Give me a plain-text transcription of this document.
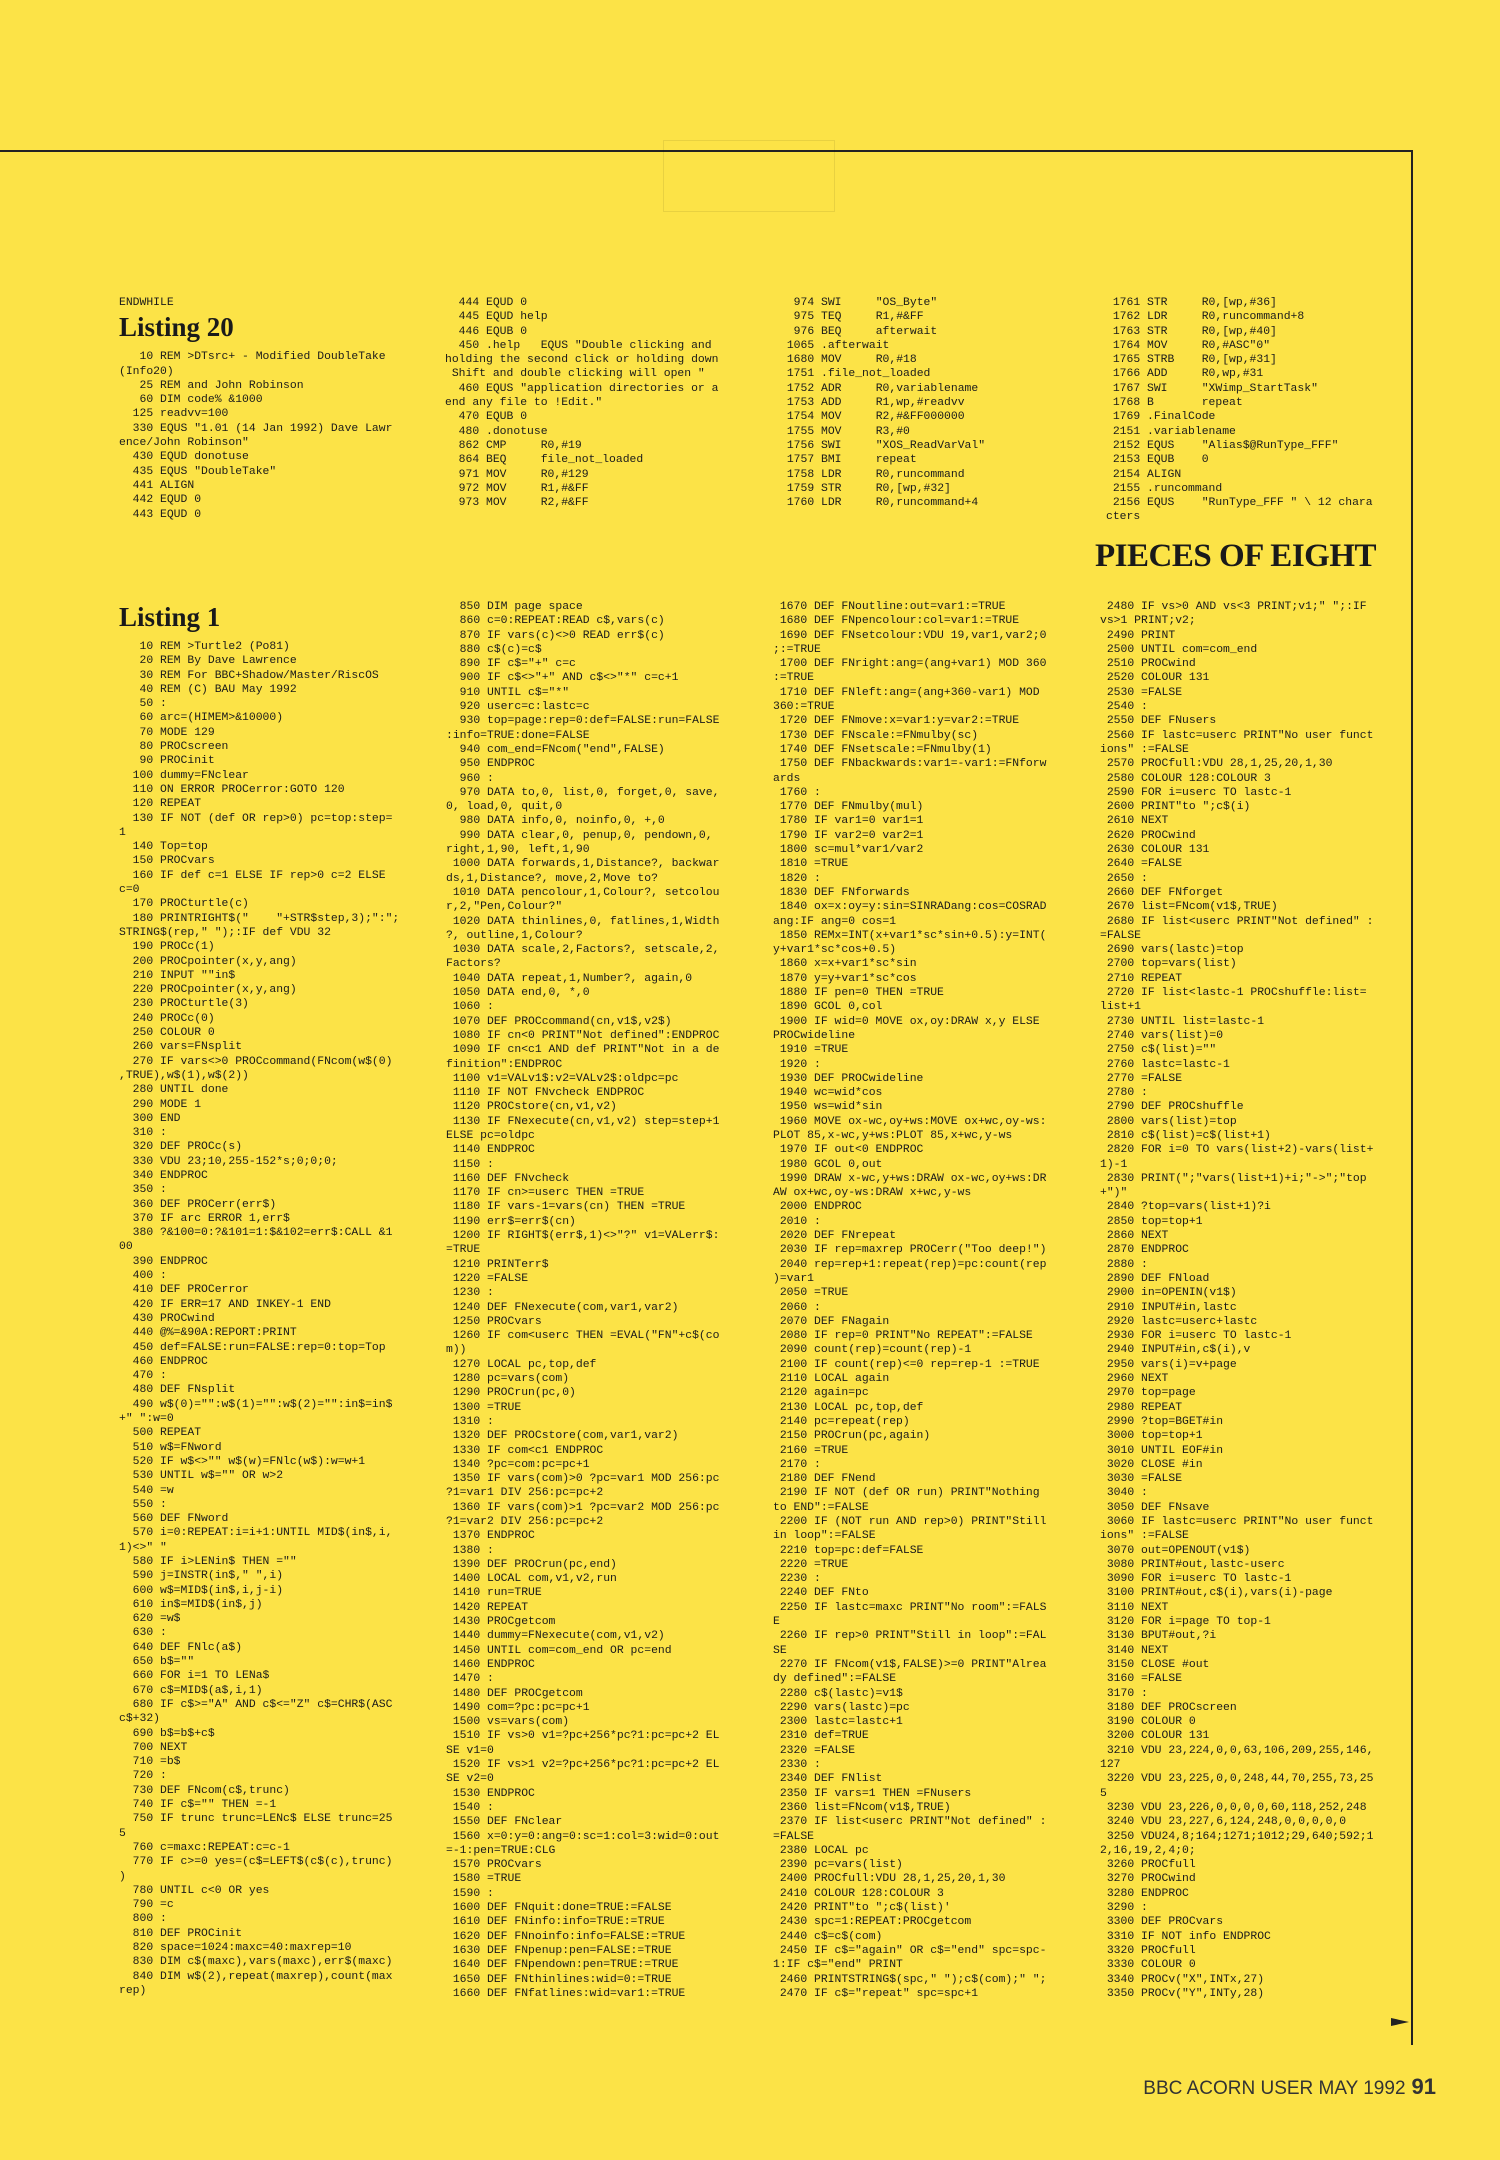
ENDWHILE
Listing 20
10 REM >DTsrc+ - Modified DoubleTake
(Info20)
25 REM and John Robinson
60 DIM code% &1000
125 readvv=100
330 EQUS "1.01 (14 Jan 1992) Dave Lawr
ence/John Robinson"
430 EQUD donotuse
435 EQUS "DoubleTake"
441 ALIGN
442 EQUD 0
443 EQUD 0
444 EQUD 0
445 EQUD help
446 EQUB 0
450 .help   EQUS "Double clicking and
holding the second click or holding down
Shift and double clicking will open "
460 EQUS "application directories or a
end any file to !Edit."
470 EQUB 0
480 .donotuse
862 CMP     R0,#19
864 BEQ     file_not_loaded
971 MOV     R0,#129
972 MOV     R1,#&FF
973 MOV     R2,#&FF
974 SWI     "OS_Byte"
975 TEQ     R1,#&FF
976 BEQ     afterwait
1065 .afterwait
1680 MOV     R0,#18
1751 .file_not_loaded
1752 ADR     R0,variablename
1753 ADD     R1,wp,#readvv
1754 MOV     R2,#&FF000000
1755 MOV     R3,#0
1756 SWI     "XOS_ReadVarVal"
1757 BMI     repeat
1758 LDR     R0,runcommand
1759 STR     R0,[wp,#32]
1760 LDR     R0,runcommand+4
1761 STR     R0,[wp,#36]
1762 LDR     R0,runcommand+8
1763 STR     R0,[wp,#40]
1764 MOV     R0,#ASC"0"
1765 STRB    R0,[wp,#31]
1766 ADD     R0,wp,#31
1767 SWI     "XWimp_StartTask"
1768 B       repeat
1769 .FinalCode
2151 .variablename
2152 EQUS    "Alias$@RunType_FFF"
2153 EQUB    0
2154 ALIGN
2155 .runcommand
2156 EQUS    "RunType_FFF " \ 12 chara
cters
PIECES OF EIGHT
Listing 1
10 REM >Turtle2 (Po81)
20 REM By Dave Lawrence
30 REM For BBC+Shadow/Master/RiscOS
40 REM (C) BAU May 1992
50 :
60 arc=(HIMEM>&10000)
70 MODE 129
80 PROCscreen
90 PROCinit
100 dummy=FNclear
110 ON ERROR PROCerror:GOTO 120
120 REPEAT
130 IF NOT (def OR rep>0) pc=top:step=
1
140 Top=top
150 PROCvars
160 IF def c=1 ELSE IF rep>0 c=2 ELSE
c=0
170 PROCturtle(c)
180 PRINTRIGHT$("    "+STR$step,3);":";
STRING$(rep," ");:IF def VDU 32
190 PROCc(1)
200 PROCpointer(x,y,ang)
210 INPUT ""in$
220 PROCpointer(x,y,ang)
230 PROCturtle(3)
240 PROCc(0)
250 COLOUR 0
260 vars=FNsplit
270 IF vars<>0 PROCcommand(FNcom(w$(0)
,TRUE),w$(1),w$(2))
280 UNTIL done
290 MODE 1
300 END
310 :
320 DEF PROCc(s)
330 VDU 23;10,255-152*s;0;0;0;
340 ENDPROC
350 :
360 DEF PROCerr(err$)
370 IF arc ERROR 1,err$
380 ?&100=0:?&101=1:$&102=err$:CALL &1
00
390 ENDPROC
400 :
410 DEF PROCerror
420 IF ERR=17 AND INKEY-1 END
430 PROCwind
440 @%=&90A:REPORT:PRINT
450 def=FALSE:run=FALSE:rep=0:top=Top
460 ENDPROC
470 :
480 DEF FNsplit
490 w$(0)="":w$(1)="":w$(2)="":in$=in$
+" ":w=0
500 REPEAT
510 w$=FNword
520 IF w$<>"" w$(w)=FNlc(w$):w=w+1
530 UNTIL w$="" OR w>2
540 =w
550 :
560 DEF FNword
570 i=0:REPEAT:i=i+1:UNTIL MID$(in$,i,
1)<>" "
580 IF i>LENin$ THEN =""
590 j=INSTR(in$," ",i)
600 w$=MID$(in$,i,j-i)
610 in$=MID$(in$,j)
620 =w$
630 :
640 DEF FNlc(a$)
650 b$=""
660 FOR i=1 TO LENa$
670 c$=MID$(a$,i,1)
680 IF c$>="A" AND c$<="Z" c$=CHR$(ASC
c$+32)
690 b$=b$+c$
700 NEXT
710 =b$
720 :
730 DEF FNcom(c$,trunc)
740 IF c$="" THEN =-1
750 IF trunc trunc=LENc$ ELSE trunc=25
5
760 c=maxc:REPEAT:c=c-1
770 IF c>=0 yes=(c$=LEFT$(c$(c),trunc)
)
780 UNTIL c<0 OR yes
790 =c
800 :
810 DEF PROCinit
820 space=1024:maxc=40:maxrep=10
830 DIM c$(maxc),vars(maxc),err$(maxc)
840 DIM w$(2),repeat(maxrep),count(max
rep)
850 DIM page space
860 c=0:REPEAT:READ c$,vars(c)
870 IF vars(c)<>0 READ err$(c)
880 c$(c)=c$
890 IF c$="+" c=c
900 IF c$<>"+" AND c$<>"*" c=c+1
910 UNTIL c$="*"
920 userc=c:lastc=c
930 top=page:rep=0:def=FALSE:run=FALSE
:info=TRUE:done=FALSE
940 com_end=FNcom("end",FALSE)
950 ENDPROC
960 :
970 DATA to,0, list,0, forget,0, save,
0, load,0, quit,0
980 DATA info,0, noinfo,0, +,0
990 DATA clear,0, penup,0, pendown,0,
right,1,90, left,1,90
1000 DATA forwards,1,Distance?, backwar
ds,1,Distance?, move,2,Move to?
1010 DATA pencolour,1,Colour?, setcolou
r,2,"Pen,Colour?"
1020 DATA thinlines,0, fatlines,1,Width
?, outline,1,Colour?
1030 DATA scale,2,Factors?, setscale,2,
Factors?
1040 DATA repeat,1,Number?, again,0
1050 DATA end,0, *,0
1060 :
1070 DEF PROCcommand(cn,v1$,v2$)
1080 IF cn<0 PRINT"Not defined":ENDPROC
1090 IF cn<c1 AND def PRINT"Not in a de
finition":ENDPROC
1100 v1=VALv1$:v2=VALv2$:oldpc=pc
1110 IF NOT FNvcheck ENDPROC
1120 PROCstore(cn,v1,v2)
1130 IF FNexecute(cn,v1,v2) step=step+1
ELSE pc=oldpc
1140 ENDPROC
1150 :
1160 DEF FNvcheck
1170 IF cn>=userc THEN =TRUE
1180 IF vars-1=vars(cn) THEN =TRUE
1190 err$=err$(cn)
1200 IF RIGHT$(err$,1)<>"?" v1=VALerr$:
=TRUE
1210 PRINTerr$
1220 =FALSE
1230 :
1240 DEF FNexecute(com,var1,var2)
1250 PROCvars
1260 IF com<userc THEN =EVAL("FN"+c$(co
m))
1270 LOCAL pc,top,def
1280 pc=vars(com)
1290 PROCrun(pc,0)
1300 =TRUE
1310 :
1320 DEF PROCstore(com,var1,var2)
1330 IF com<c1 ENDPROC
1340 ?pc=com:pc=pc+1
1350 IF vars(com)>0 ?pc=var1 MOD 256:pc
?1=var1 DIV 256:pc=pc+2
1360 IF vars(com)>1 ?pc=var2 MOD 256:pc
?1=var2 DIV 256:pc=pc+2
1370 ENDPROC
1380 :
1390 DEF PROCrun(pc,end)
1400 LOCAL com,v1,v2,run
1410 run=TRUE
1420 REPEAT
1430 PROCgetcom
1440 dummy=FNexecute(com,v1,v2)
1450 UNTIL com=com_end OR pc=end
1460 ENDPROC
1470 :
1480 DEF PROCgetcom
1490 com=?pc:pc=pc+1
1500 vs=vars(com)
1510 IF vs>0 v1=?pc+256*pc?1:pc=pc+2 EL
SE v1=0
1520 IF vs>1 v2=?pc+256*pc?1:pc=pc+2 EL
SE v2=0
1530 ENDPROC
1540 :
1550 DEF FNclear
1560 x=0:y=0:ang=0:sc=1:col=3:wid=0:out
=-1:pen=TRUE:CLG
1570 PROCvars
1580 =TRUE
1590 :
1600 DEF FNquit:done=TRUE:=FALSE
1610 DEF FNinfo:info=TRUE:=TRUE
1620 DEF FNnoinfo:info=FALSE:=TRUE
1630 DEF FNpenup:pen=FALSE:=TRUE
1640 DEF FNpendown:pen=TRUE:=TRUE
1650 DEF FNthinlines:wid=0:=TRUE
1660 DEF FNfatlines:wid=var1:=TRUE
1670 DEF FNoutline:out=var1:=TRUE
1680 DEF FNpencolour:col=var1:=TRUE
1690 DEF FNsetcolour:VDU 19,var1,var2;0
;:=TRUE
1700 DEF FNright:ang=(ang+var1) MOD 360
:=TRUE
1710 DEF FNleft:ang=(ang+360-var1) MOD
360:=TRUE
1720 DEF FNmove:x=var1:y=var2:=TRUE
1730 DEF FNscale:=FNmulby(sc)
1740 DEF FNsetscale:=FNmulby(1)
1750 DEF FNbackwards:var1=-var1:=FNforw
ards
1760 :
1770 DEF FNmulby(mul)
1780 IF var1=0 var1=1
1790 IF var2=0 var2=1
1800 sc=mul*var1/var2
1810 =TRUE
1820 :
1830 DEF FNforwards
1840 ox=x:oy=y:sin=SINRADang:cos=COSRAD
ang:IF ang=0 cos=1
1850 REMx=INT(x+var1*sc*sin+0.5):y=INT(
y+var1*sc*cos+0.5)
1860 x=x+var1*sc*sin
1870 y=y+var1*sc*cos
1880 IF pen=0 THEN =TRUE
1890 GCOL 0,col
1900 IF wid=0 MOVE ox,oy:DRAW x,y ELSE
PROCwideline
1910 =TRUE
1920 :
1930 DEF PROCwideline
1940 wc=wid*cos
1950 ws=wid*sin
1960 MOVE ox-wc,oy+ws:MOVE ox+wc,oy-ws:
PLOT 85,x-wc,y+ws:PLOT 85,x+wc,y-ws
1970 IF out<0 ENDPROC
1980 GCOL 0,out
1990 DRAW x-wc,y+ws:DRAW ox-wc,oy+ws:DR
AW ox+wc,oy-ws:DRAW x+wc,y-ws
2000 ENDPROC
2010 :
2020 DEF FNrepeat
2030 IF rep=maxrep PROCerr("Too deep!")
2040 rep=rep+1:repeat(rep)=pc:count(rep
)=var1
2050 =TRUE
2060 :
2070 DEF FNagain
2080 IF rep=0 PRINT"No REPEAT":=FALSE
2090 count(rep)=count(rep)-1
2100 IF count(rep)<=0 rep=rep-1 :=TRUE
2110 LOCAL again
2120 again=pc
2130 LOCAL pc,top,def
2140 pc=repeat(rep)
2150 PROCrun(pc,again)
2160 =TRUE
2170 :
2180 DEF FNend
2190 IF NOT (def OR run) PRINT"Nothing
to END":=FALSE
2200 IF (NOT run AND rep>0) PRINT"Still
in loop":=FALSE
2210 top=pc:def=FALSE
2220 =TRUE
2230 :
2240 DEF FNto
2250 IF lastc=maxc PRINT"No room":=FALS
E
2260 IF rep>0 PRINT"Still in loop":=FAL
SE
2270 IF FNcom(v1$,FALSE)>=0 PRINT"Alrea
dy defined":=FALSE
2280 c$(lastc)=v1$
2290 vars(lastc)=pc
2300 lastc=lastc+1
2310 def=TRUE
2320 =FALSE
2330 :
2340 DEF FNlist
2350 IF vars=1 THEN =FNusers
2360 list=FNcom(v1$,TRUE)
2370 IF list<userc PRINT"Not defined" :
=FALSE
2380 LOCAL pc
2390 pc=vars(list)
2400 PROCfull:VDU 28,1,25,20,1,30
2410 COLOUR 128:COLOUR 3
2420 PRINT"to ";c$(list)'
2430 spc=1:REPEAT:PROCgetcom
2440 c$=c$(com)
2450 IF c$="again" OR c$="end" spc=spc-
1:IF c$="end" PRINT
2460 PRINTSTRING$(spc," ");c$(com);" ";
2470 IF c$="repeat" spc=spc+1
2480 IF vs>0 AND vs<3 PRINT;v1;" ";:IF
vs>1 PRINT;v2;
2490 PRINT
2500 UNTIL com=com_end
2510 PROCwind
2520 COLOUR 131
2530 =FALSE
2540 :
2550 DEF FNusers
2560 IF lastc=userc PRINT"No user funct
ions" :=FALSE
2570 PROCfull:VDU 28,1,25,20,1,30
2580 COLOUR 128:COLOUR 3
2590 FOR i=userc TO lastc-1
2600 PRINT"to ";c$(i)
2610 NEXT
2620 PROCwind
2630 COLOUR 131
2640 =FALSE
2650 :
2660 DEF FNforget
2670 list=FNcom(v1$,TRUE)
2680 IF list<userc PRINT"Not defined" :
=FALSE
2690 vars(lastc)=top
2700 top=vars(list)
2710 REPEAT
2720 IF list<lastc-1 PROCshuffle:list=
list+1
2730 UNTIL list=lastc-1
2740 vars(list)=0
2750 c$(list)=""
2760 lastc=lastc-1
2770 =FALSE
2780 :
2790 DEF PROCshuffle
2800 vars(list)=top
2810 c$(list)=c$(list+1)
2820 FOR i=0 TO vars(list+2)-vars(list+
1)-1
2830 PRINT(";"vars(list+1)+i;"->";"top
+")"
2840 ?top=vars(list+1)?i
2850 top=top+1
2860 NEXT
2870 ENDPROC
2880 :
2890 DEF FNload
2900 in=OPENIN(v1$)
2910 INPUT#in,lastc
2920 lastc=userc+lastc
2930 FOR i=userc TO lastc-1
2940 INPUT#in,c$(i),v
2950 vars(i)=v+page
2960 NEXT
2970 top=page
2980 REPEAT
2990 ?top=BGET#in
3000 top=top+1
3010 UNTIL EOF#in
3020 CLOSE #in
3030 =FALSE
3040 :
3050 DEF FNsave
3060 IF lastc=userc PRINT"No user funct
ions" :=FALSE
3070 out=OPENOUT(v1$)
3080 PRINT#out,lastc-userc
3090 FOR i=userc TO lastc-1
3100 PRINT#out,c$(i),vars(i)-page
3110 NEXT
3120 FOR i=page TO top-1
3130 BPUT#out,?i
3140 NEXT
3150 CLOSE #out
3160 =FALSE
3170 :
3180 DEF PROCscreen
3190 COLOUR 0
3200 COLOUR 131
3210 VDU 23,224,0,0,63,106,209,255,146,
127
3220 VDU 23,225,0,0,248,44,70,255,73,25
5
3230 VDU 23,226,0,0,0,0,60,118,252,248
3240 VDU 23,227,6,124,248,0,0,0,0,0
3250 VDU24,8;164;1271;1012;29,640;592;1
2,16,19,2,4;0;
3260 PROCfull
3270 PROCwind
3280 ENDPROC
3290 :
3300 DEF PROCvars
3310 IF NOT info ENDPROC
3320 PROCfull
3330 COLOUR 0
3340 PROCv("X",INTx,27)
3350 PROCv("Y",INTy,28)
BBC ACORN USER MAY 1992 91
